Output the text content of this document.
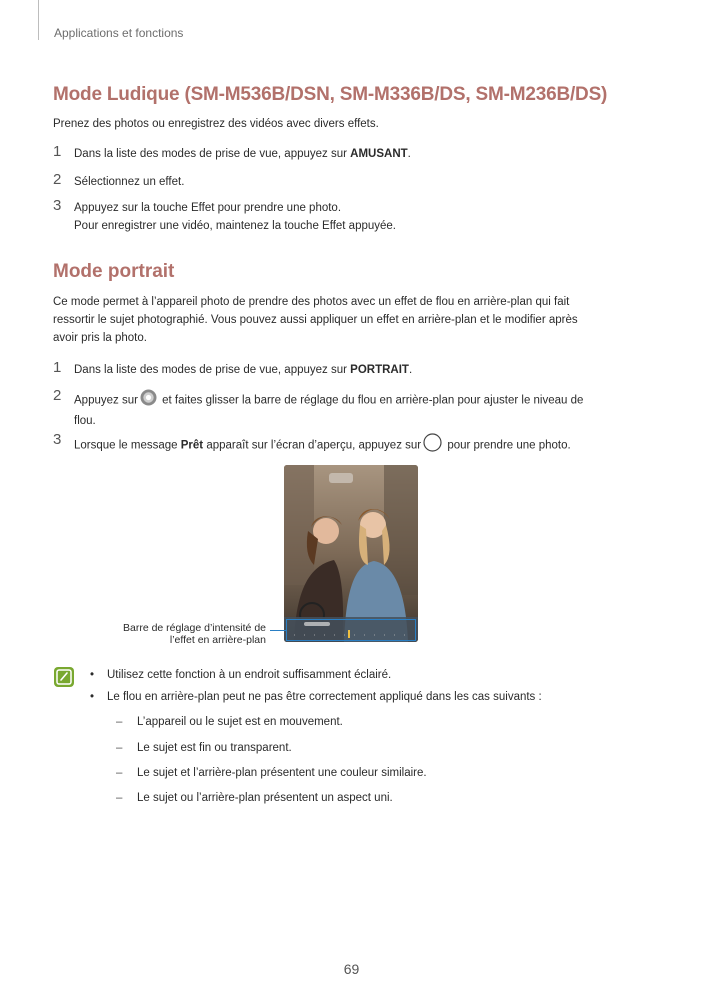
Applications et fonctions
Mode Ludique (SM-M536B/DSN, SM-M336B/DS, SM-M236B/DS)
Prenez des photos ou enregistrez des vidéos avec divers effets.
1 Dans la liste des modes de prise de vue, appuyez sur AMUSANT.
2 Sélectionnez un effet.
3 Appuyez sur la touche Effet pour prendre une photo.
Pour enregistrer une vidéo, maintenez la touche Effet appuyée.
Mode portrait
Ce mode permet à l’appareil photo de prendre des photos avec un effet de flou en arrière-plan qui fait
ressortir le sujet photographié. Vous pouvez aussi appliquer un effet en arrière-plan et le modifier après
avoir pris la photo.
1 Dans la liste des modes de prise de vue, appuyez sur PORTRAIT.
2 Appuyez sur et faites glisser la barre de réglage du flou en arrière-plan pour ajuster le niveau de
flou.
3 Lorsque le message Prêt apparaît sur l’écran d’aperçu, appuyez sur pour prendre une photo.
Barre de réglage d’intensité de
l’effet en arrière-plan
• Utilisez cette fonction à un endroit suffisamment éclairé.
• Le flou en arrière-plan peut ne pas être correctement appliqué dans les cas suivants :
– L’appareil ou le sujet est en mouvement.
– Le sujet est fin ou transparent.
– Le sujet et l’arrière-plan présentent une couleur similaire.
– Le sujet ou l’arrière-plan présentent un aspect uni.
69
